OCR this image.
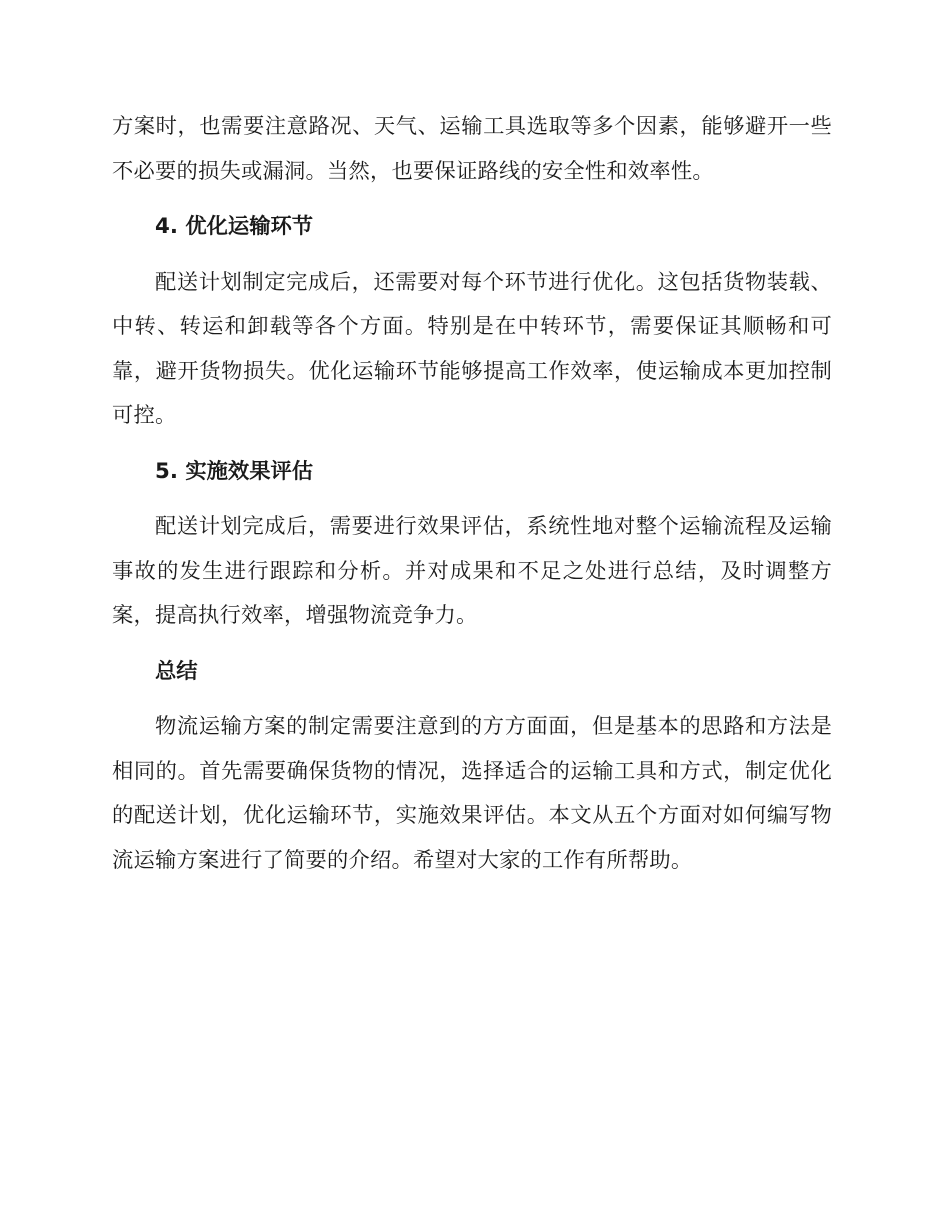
方案时，也需要注意路况、天气、运输工具选取等多个因素，能够避开一些不必要的损失或漏洞。当然，也要保证路线的安全性和效率性。

4. 优化运输环节

配送计划制定完成后，还需要对每个环节进行优化。这包括货物装载、中转、转运和卸载等各个方面。特别是在中转环节，需要保证其顺畅和可靠，避开货物损失。优化运输环节能够提高工作效率，使运输成本更加控制可控。

5. 实施效果评估

配送计划完成后，需要进行效果评估，系统性地对整个运输流程及运输事故的发生进行跟踪和分析。并对成果和不足之处进行总结，及时调整方案，提高执行效率，增强物流竞争力。

总结

物流运输方案的制定需要注意到的方方面面，但是基本的思路和方法是相同的。首先需要确保货物的情况，选择适合的运输工具和方式，制定优化的配送计划，优化运输环节，实施效果评估。本文从五个方面对如何编写物流运输方案进行了简要的介绍。希望对大家的工作有所帮助。
